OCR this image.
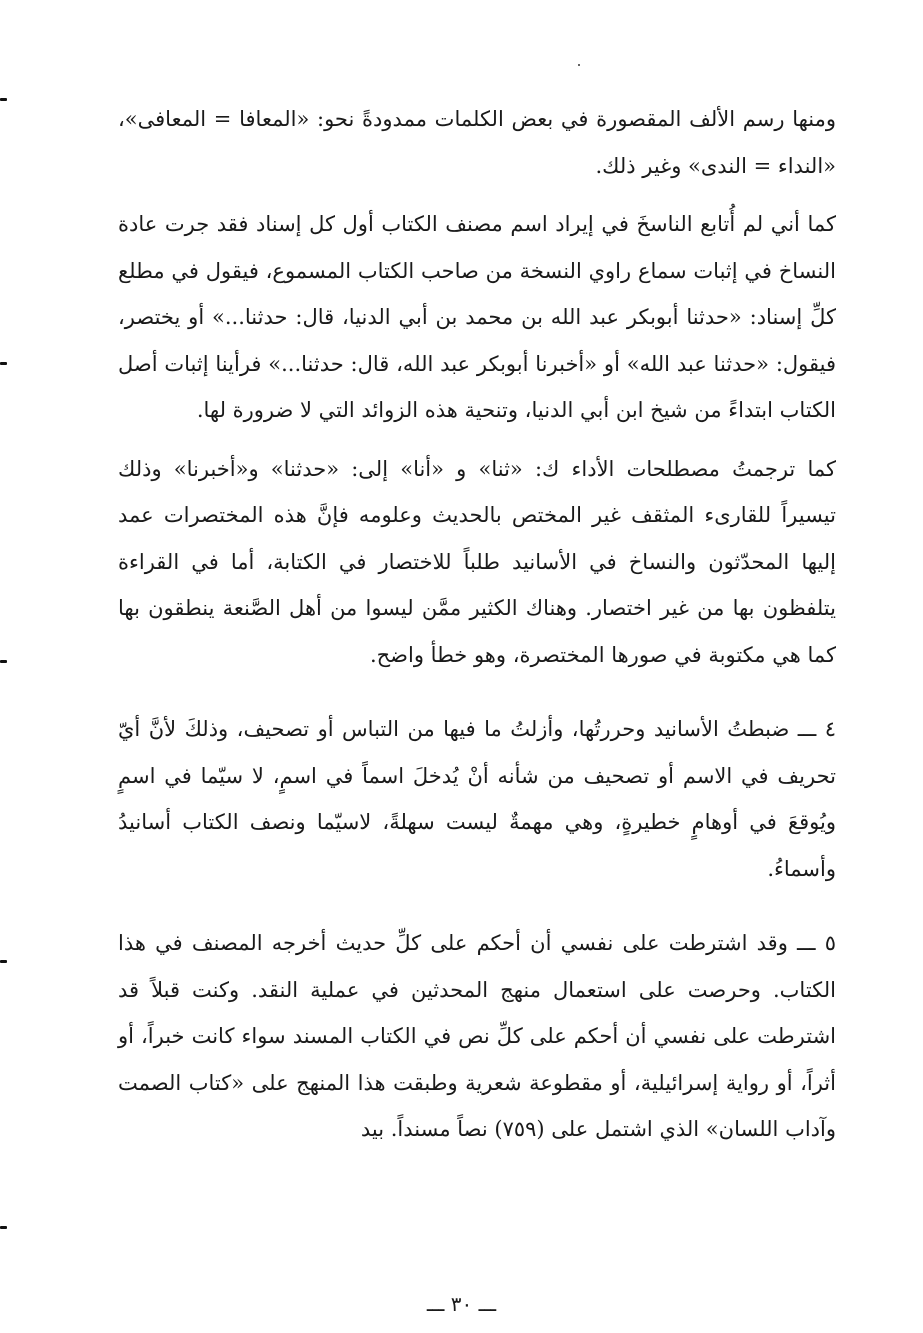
ومنها رسم الألف المقصورة في بعض الكلمات ممدودةً نحو: «المعافا = المعافى»، «النداء = الندى» وغير ذلك.

كما أني لم أُتابع الناسخَ في إيراد اسم مصنف الكتاب أول كل إسناد فقد جرت عادة النساخ في إثبات سماع راوي النسخة من صاحب الكتاب المسموع، فيقول في مطلع كلِّ إسناد: «حدثنا أبوبكر عبد الله بن محمد بن أبي الدنيا، قال: حدثنا...» أو يختصر، فيقول: «حدثنا عبد الله» أو «أخبرنا أبوبكر عبد الله، قال: حدثنا...» فرأينا إثبات أصل الكتاب ابتداءً من شيخ ابن أبي الدنيا، وتنحية هذه الزوائد التي لا ضرورة لها.

كما ترجمتُ مصطلحات الأداء ك: «ثنا» و «أنا» إلى: «حدثنا» و«أخبرنا» وذلك تيسيراً للقارىء المثقف غير المختص بالحديث وعلومه فإنَّ هذه المختصرات عمد إليها المحدّثون والنساخ في الأسانيد طلباً للاختصار في الكتابة، أما في القراءة يتلفظون بها من غير اختصار. وهناك الكثير ممَّن ليسوا من أهل الصَّنعة ينطقون بها كما هي مكتوبة في صورها المختصرة، وهو خطأ واضح.

٤ ـــ ضبطتُ الأسانيد وحررتُها، وأزلتُ ما فيها من التباس أو تصحيف، وذلكَ لأنَّ أيّ تحريف في الاسم أو تصحيف من شأنه أنْ يُدخلَ اسماً في اسمٍ، لا سيّما في اسمٍ ويُوقعَ في أوهامٍ خطيرةٍ، وهي مهمةٌ ليست سهلةً، لاسيّما ونصف الكتاب أسانيدُ وأسماءُ.

٥ ـــ وقد اشترطت على نفسي أن أحكم على كلِّ حديث أخرجه المصنف في هذا الكتاب. وحرصت على استعمال منهج المحدثين في عملية النقد. وكنت قبلاً قد اشترطت على نفسي أن أحكم على كلِّ نص في الكتاب المسند سواء كانت خبراً، أو أثراً، أو رواية إسرائيلية، أو مقطوعة شعرية وطبقت هذا المنهج على «كتاب الصمت وآداب اللسان» الذي اشتمل على (٧٥٩) نصاً مسنداً. بيد

ـــ ٣٠ ـــ
